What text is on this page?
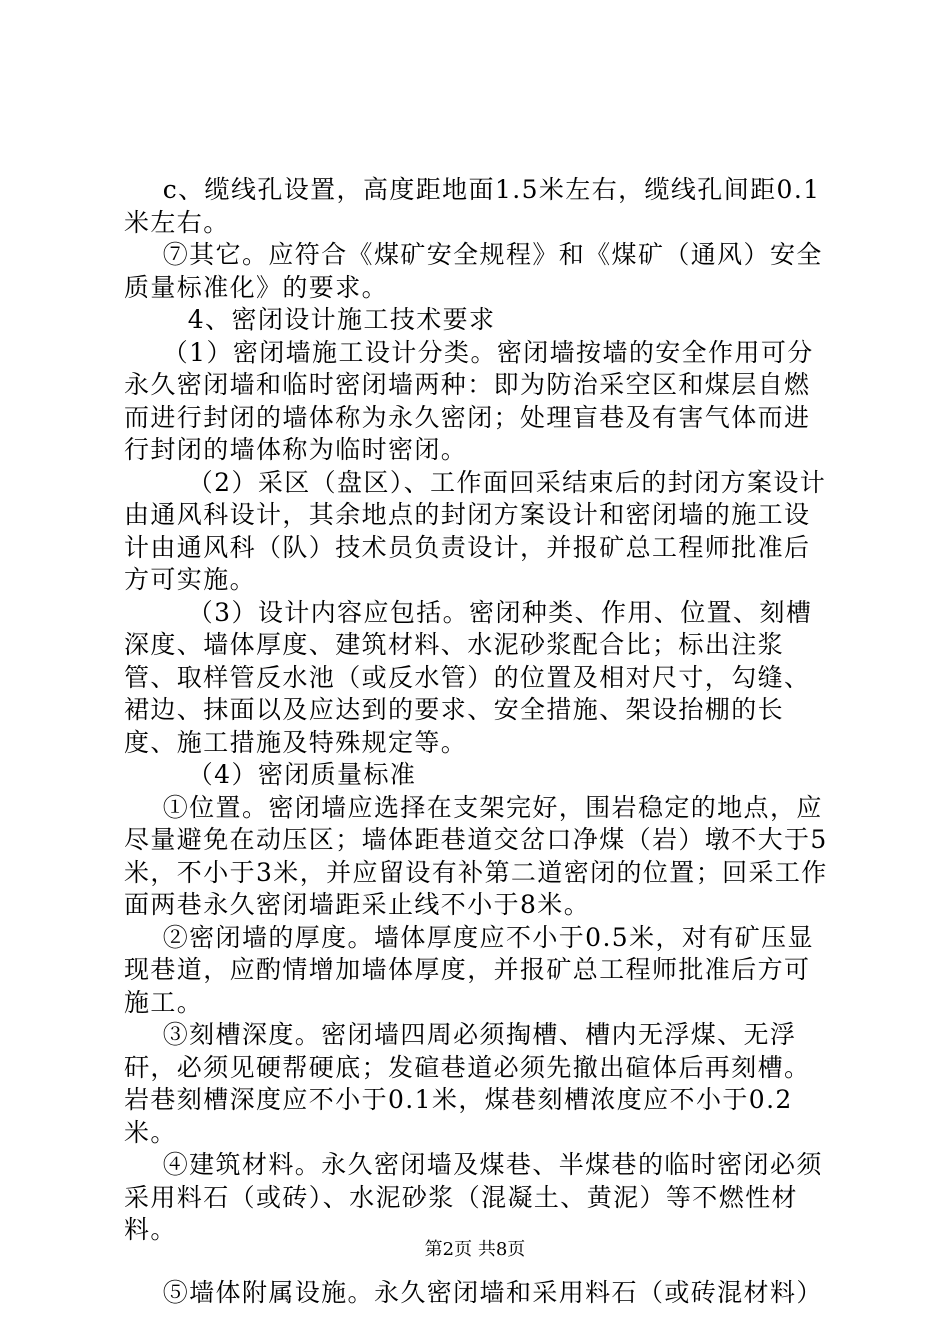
c、缆线孔设置，高度距地面1.5米左右，缆线孔间距0.1米左右。

⑦其它。应符合《煤矿安全规程》和《煤矿（通风）安全质量标准化》的要求。

4、密闭设计施工技术要求

（1）密闭墙施工设计分类。密闭墙按墙的安全作用可分永久密闭墙和临时密闭墙两种：即为防治采空区和煤层自燃而进行封闭的墙体称为永久密闭；处理盲巷及有害气体而进行封闭的墙体称为临时密闭。

（2）采区（盘区）、工作面回采结束后的封闭方案设计由通风科设计，其余地点的封闭方案设计和密闭墙的施工设计由通风科（队）技术员负责设计，并报矿总工程师批准后方可实施。

（3）设计内容应包括。密闭种类、作用、位置、刻槽深度、墙体厚度、建筑材料、水泥砂浆配合比；标出注浆管、取样管反水池（或反水管）的位置及相对尺寸，勾缝、裙边、抹面以及应达到的要求、安全措施、架设抬棚的长度、施工措施及特殊规定等。

（4）密闭质量标准

①位置。密闭墙应选择在支架完好，围岩稳定的地点，应尽量避免在动压区；墙体距巷道交岔口净煤（岩）墩不大于5米，不小于3米，并应留设有补第二道密闭的位置；回采工作面两巷永久密闭墙距采止线不小于8米。

②密闭墙的厚度。墙体厚度应不小于0.5米，对有矿压显现巷道，应酌情增加墙体厚度，并报矿总工程师批准后方可施工。

③刻槽深度。密闭墙四周必须掏槽、槽内无浮煤、无浮矸，必须见硬帮硬底；发碹巷道必须先撤出碹体后再刻槽。岩巷刻槽深度应不小于0.1米，煤巷刻槽浓度应不小于0.2米。

④建筑材料。永久密闭墙及煤巷、半煤巷的临时密闭必须采用料石（或砖）、水泥砂浆（混凝土、黄泥）等不燃性材料。

⑤墙体附属设施。永久密闭墙和采用料石（或砖混材料）

第2页 共8页
